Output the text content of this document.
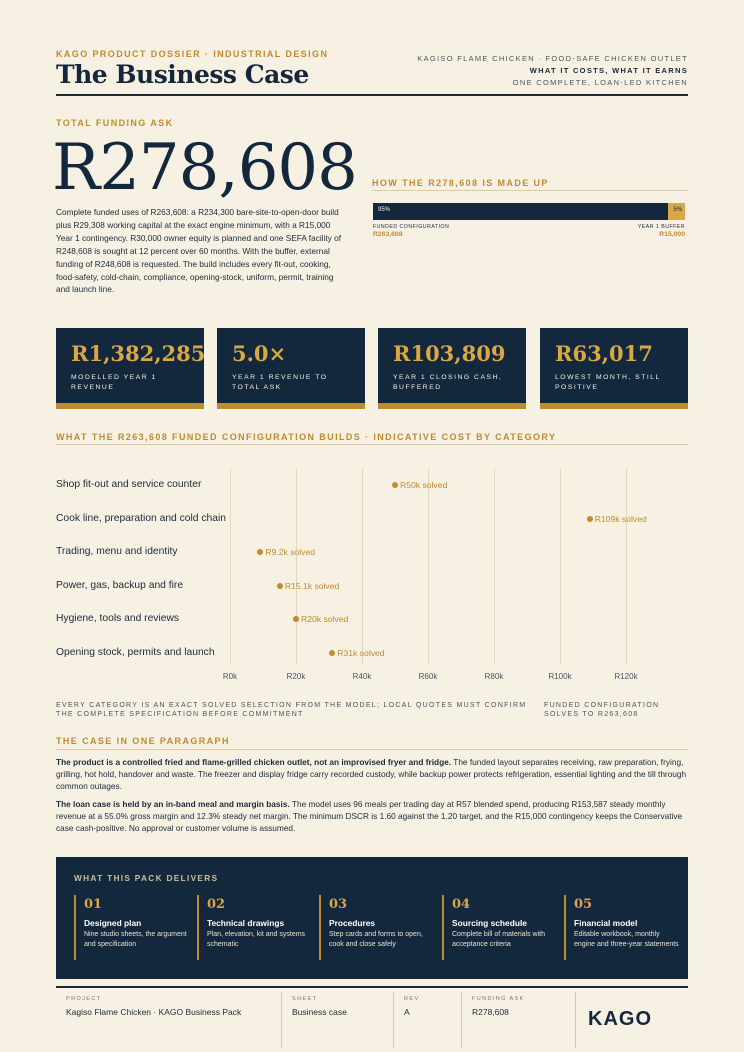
KAGO PRODUCT DOSSIER · INDUSTRIAL DESIGN
The Business Case
KAGISO FLAME CHICKEN · FOOD-SAFE CHICKEN OUTLET
WHAT IT COSTS, WHAT IT EARNS
ONE COMPLETE, LOAN-LED KITCHEN
TOTAL FUNDING ASK
R278,608
Complete funded uses of R263,608: a R234,300 bare-site-to-open-door build plus R29,308 working capital at the exact engine minimum, with a R15,000 Year 1 contingency. R30,000 owner equity is planned and one SEFA facility of R248,608 is sought at 12 percent over 60 months. With the buffer, external funding of R248,608 is requested. The build includes every fit-out, cooking, food-safety, cold-chain, compliance, opening-stock, uniform, permit, training and launch line.
HOW THE R278,608 IS MADE UP
95%	5%
FUNDED CONFIGURATION
R263,608
YEAR 1 BUFFER
R15,000
R1,382,285
MODELLED YEAR 1 REVENUE
5.0×
YEAR 1 REVENUE TO TOTAL ASK
R103,809
YEAR 1 CLOSING CASH, BUFFERED
R63,017
LOWEST MONTH, STILL POSITIVE
WHAT THE R263,608 FUNDED CONFIGURATION BUILDS · INDICATIVE COST BY CATEGORY
R0k	R20k	R40k	R60k	R80k	R100k	R120k
Shop fit-out and service counter	R50k solved
Cook line, preparation and cold chain	R109k solved
Trading, menu and identity	R9.2k solved
Power, gas, backup and fire	R15.1k solved
Hygiene, tools and reviews	R20k solved
Opening stock, permits and launch	R31k solved
EVERY CATEGORY IS AN EXACT SOLVED SELECTION FROM THE MODEL; LOCAL QUOTES MUST CONFIRM THE COMPLETE SPECIFICATION BEFORE COMMITMENT
FUNDED CONFIGURATION SOLVES TO R263,608
THE CASE IN ONE PARAGRAPH
The product is a controlled fried and flame-grilled chicken outlet, not an improvised fryer and fridge. The funded layout separates receiving, raw preparation, frying, grilling, hot hold, handover and waste. The freezer and display fridge carry recorded custody, while backup power protects refrigeration, essential lighting and the till through common outages.
The loan case is held by an in-band meal and margin basis. The model uses 96 meals per trading day at R57 blended spend, producing R153,587 steady monthly revenue at a 55.0% gross margin and 12.3% steady net margin. The minimum DSCR is 1.60 against the 1.20 target, and the R15,000 contingency keeps the Conservative case cash-positive. No approval or customer volume is assumed.
WHAT THIS PACK DELIVERS
01
Designed plan
Nine studio sheets, the argument and specification
02
Technical drawings
Plan, elevation, kit and systems schematic
03
Procedures
Step cards and forms to open, cook and close safely
04
Sourcing schedule
Complete bill of materials with acceptance criteria
05
Financial model
Editable workbook, monthly engine and three-year statements
PROJECT
Kagiso Flame Chicken · KAGO Business Pack
SHEET
Business case
REV
A
FUNDING ASK
R278,608	KAGO
